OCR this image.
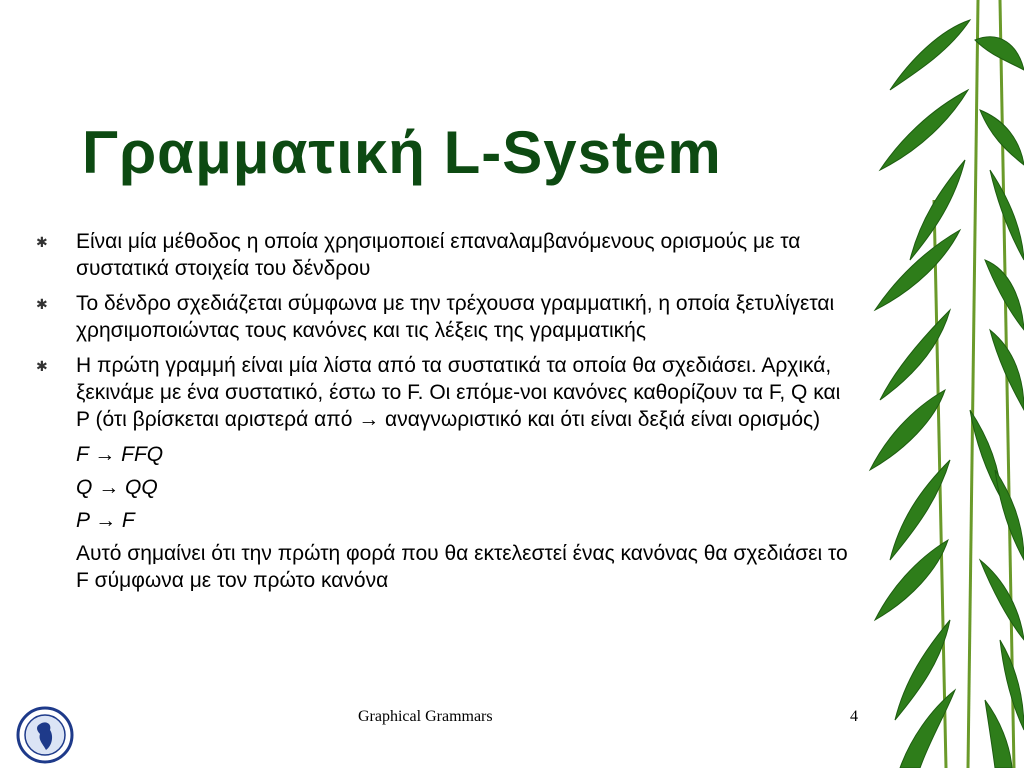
Γραμματική L-System
✱ Είναι μία μέθοδος η οποία χρησιμοποιεί επαναλαμβανόμενους ορισμούς με τα συστατικά στοιχεία του δένδρου
✱ Το δένδρο σχεδιάζεται σύμφωνα με την τρέχουσα γραμματική, η οποία ξετυλίγεται χρησιμοποιώντας τους κανόνες και τις λέξεις της γραμματικής
✱ Η πρώτη γραμμή είναι μία λίστα από τα συστατικά τα οποία θα σχεδιάσει. Αρχικά, ξεκινάμε με ένα συστατικό, έστω το F. Οι επόμε-νοι κανόνες καθορίζουν τα F, Q και P (ότι βρίσκεται αριστερά από → αναγνωριστικό και ότι είναι δεξιά είναι ορισμός)
F → FFQ
Q → QQ
P → F
Αυτό σημαίνει ότι την πρώτη φορά που θα εκτελεστεί ένας κανόνας θα σχεδιάσει το F σύμφωνα με τον πρώτο κανόνα
Graphical Grammars	4
